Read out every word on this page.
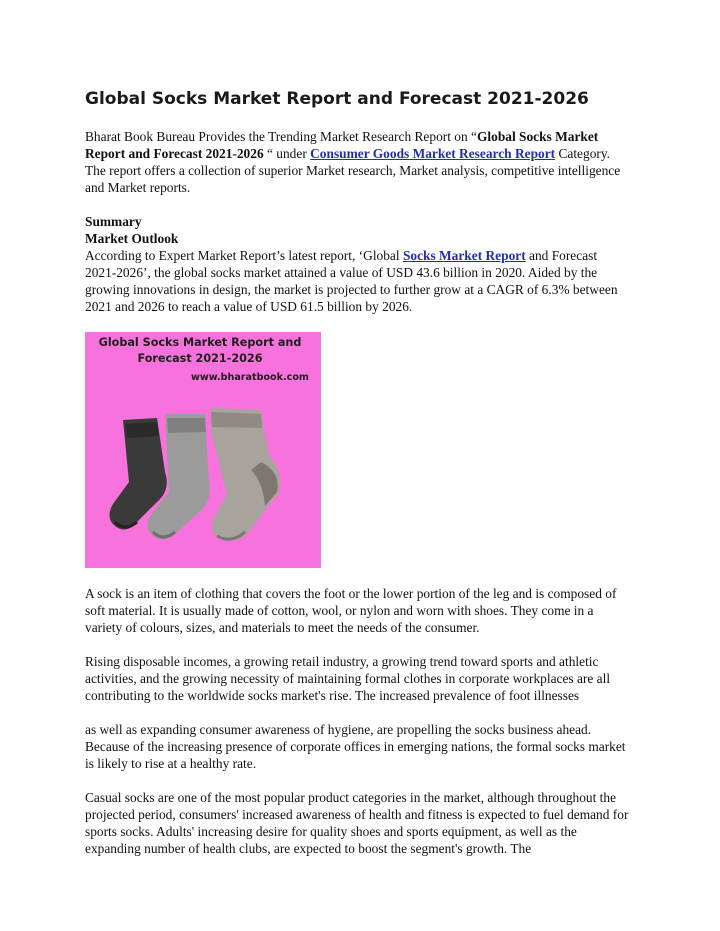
Global Socks Market Report and Forecast 2021-2026

Bharat Book Bureau Provides the Trending Market Research Report on “Global Socks Market Report and Forecast 2021-2026 “ under Consumer Goods Market Research Report Category. The report offers a collection of superior Market research, Market analysis, competitive intelligence and Market reports.

Summary

Market Outlook

According to Expert Market Report’s latest report, ‘Global Socks Market Report and Forecast 2021-2026’, the global socks market attained a value of USD 43.6 billion in 2020. Aided by the growing innovations in design, the market is projected to further grow at a CAGR of 6.3% between 2021 and 2026 to reach a value of USD 61.5 billion by 2026.

Global Socks Market Report and
Forecast 2021-2026
www.bharatbook.com

A sock is an item of clothing that covers the foot or the lower portion of the leg and is composed of soft material. It is usually made of cotton, wool, or nylon and worn with shoes. They come in a variety of colours, sizes, and materials to meet the needs of the consumer.

Rising disposable incomes, a growing retail industry, a growing trend toward sports and athletic activities, and the growing necessity of maintaining formal clothes in corporate workplaces are all contributing to the worldwide socks market's rise. The increased prevalence of foot illnesses

as well as expanding consumer awareness of hygiene, are propelling the socks business ahead. Because of the increasing presence of corporate offices in emerging nations, the formal socks market is likely to rise at a healthy rate.

Casual socks are one of the most popular product categories in the market, although throughout the projected period, consumers' increased awareness of health and fitness is expected to fuel demand for sports socks. Adults' increasing desire for quality shoes and sports equipment, as well as the expanding number of health clubs, are expected to boost the segment's growth. The
